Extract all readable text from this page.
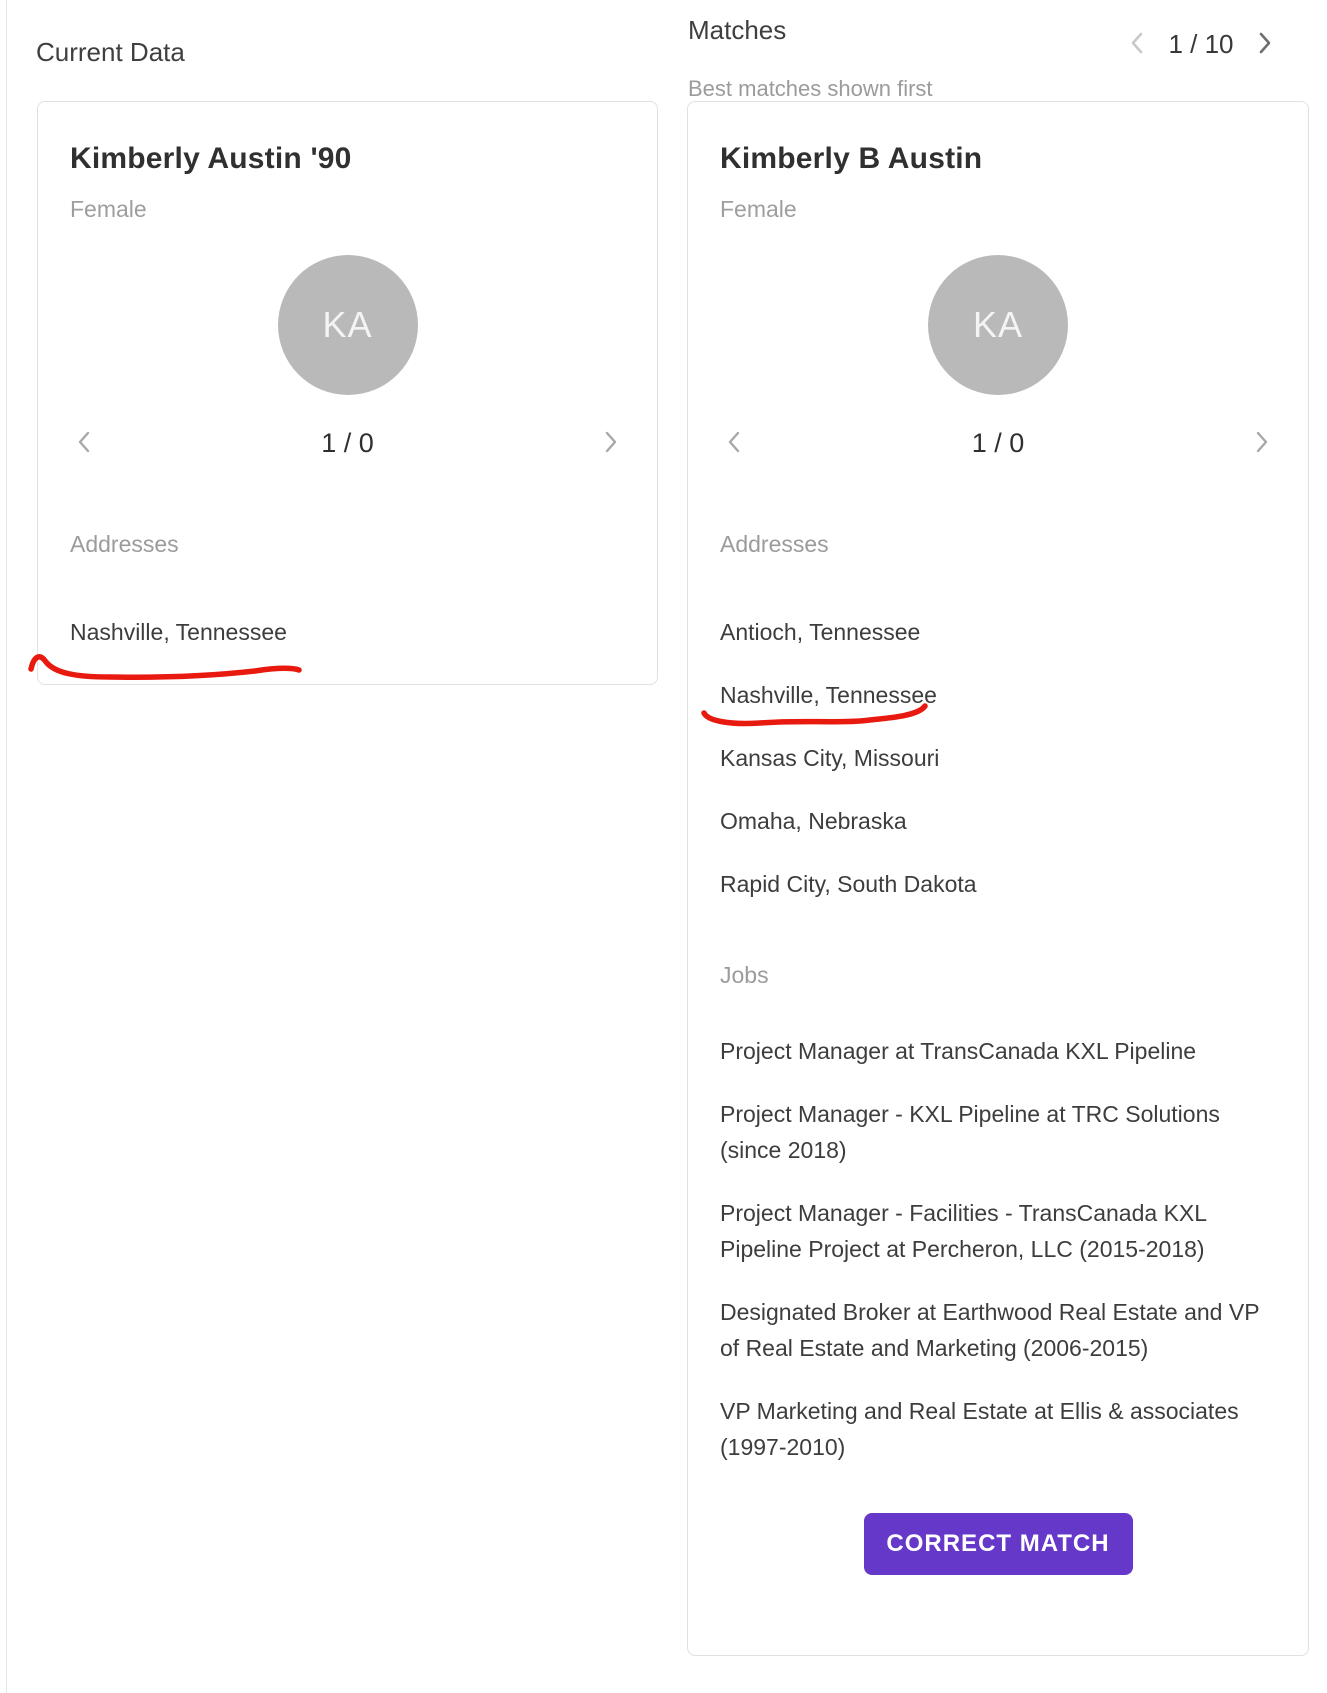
Current Data
Matches
Best matches shown first
1 / 10
Kimberly Austin '90
Female
KA
1 / 0
Addresses
Nashville, Tennessee
Kimberly B Austin
Female
KA
1 / 0
Addresses
Antioch, Tennessee
Nashville, Tennessee
Kansas City, Missouri
Omaha, Nebraska
Rapid City, South Dakota
Jobs
Project Manager at TransCanada KXL Pipeline
Project Manager - KXL Pipeline at TRC Solutions (since 2018)
Project Manager - Facilities - TransCanada KXL Pipeline Project at Percheron, LLC (2015-2018)
Designated Broker at Earthwood Real Estate and VP of Real Estate and Marketing (2006-2015)
VP Marketing and Real Estate at Ellis & associates (1997-2010)
CORRECT MATCH
